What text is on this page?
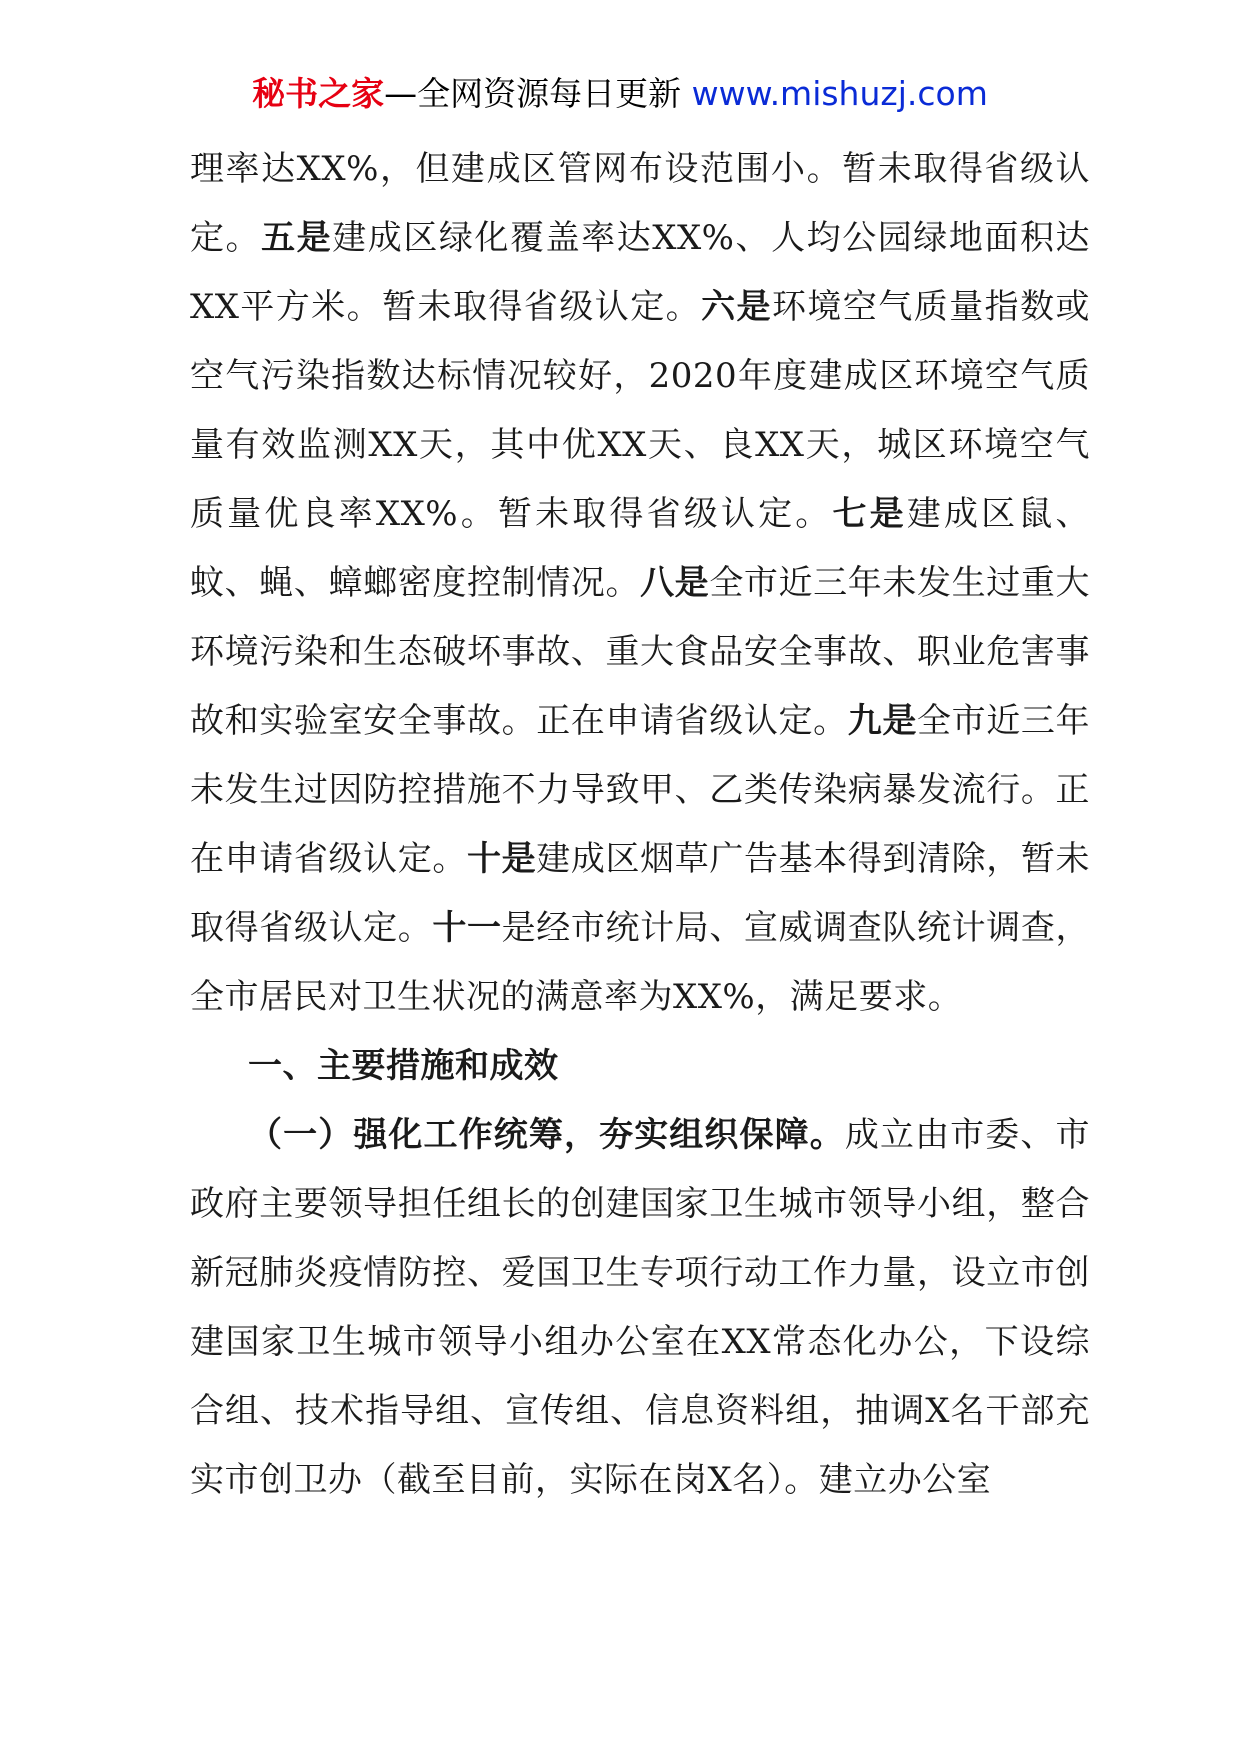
秘书之家—全网资源每日更新 www.mishuzj.com

理率达XX%，但建成区管网布设范围小。暂未取得省级认定。五是建成区绿化覆盖率达XX%、人均公园绿地面积达XX平方米。暂未取得省级认定。六是环境空气质量指数或空气污染指数达标情况较好，2020年度建成区环境空气质量有效监测XX天，其中优XX天、良XX天，城区环境空气质量优良率XX%。暂未取得省级认定。七是建成区鼠、蚊、蝇、蟑螂密度控制情况。八是全市近三年未发生过重大环境污染和生态破坏事故、重大食品安全事故、职业危害事故和实验室安全事故。正在申请省级认定。九是全市近三年未发生过因防控措施不力导致甲、乙类传染病暴发流行。正在申请省级认定。十是建成区烟草广告基本得到清除，暂未取得省级认定。十一是经市统计局、宣威调查队统计调查，全市居民对卫生状况的满意率为XX%，满足要求。

一、主要措施和成效

（一）强化工作统筹，夯实组织保障。成立由市委、市政府主要领导担任组长的创建国家卫生城市领导小组，整合新冠肺炎疫情防控、爱国卫生专项行动工作力量，设立市创建国家卫生城市领导小组办公室在XX常态化办公，下设综合组、技术指导组、宣传组、信息资料组，抽调X名干部充实市创卫办（截至目前，实际在岗X名）。建立办公室
